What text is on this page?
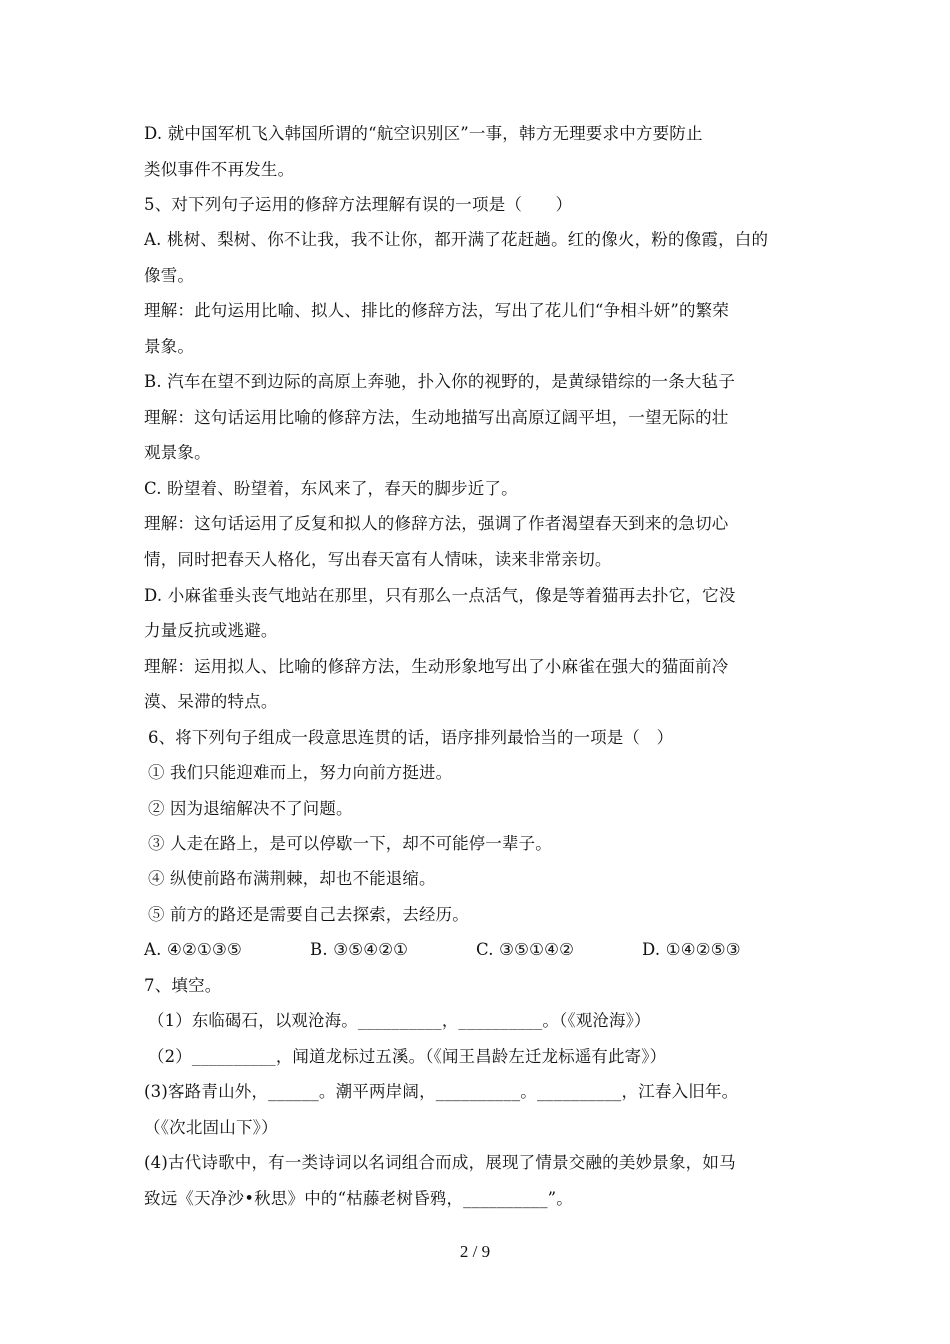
D. 就中国军机飞入韩国所谓的“航空识别区”一事，韩方无理要求中方要防止
类似事件不再发生。
5、对下列句子运用的修辞方法理解有误的一项是（　　）
A. 桃树、梨树、你不让我，我不让你，都开满了花赶趟。红的像火，粉的像霞，白的
像雪。
理解：此句运用比喻、拟人、排比的修辞方法，写出了花儿们“争相斗妍”的繁荣
景象。
B. 汽车在望不到边际的高原上奔驰，扑入你的视野的，是黄绿错综的一条大毡子
理解：这句话运用比喻的修辞方法，生动地描写出高原辽阔平坦，一望无际的壮
观景象。
C. 盼望着、盼望着，东风来了，春天的脚步近了。
理解：这句话运用了反复和拟人的修辞方法，强调了作者渴望春天到来的急切心
情，同时把春天人格化，写出春天富有人情味，读来非常亲切。
D. 小麻雀垂头丧气地站在那里，只有那么一点活气，像是等着猫再去扑它，它没
力量反抗或逃避。
理解：运用拟人、比喻的修辞方法，生动形象地写出了小麻雀在强大的猫面前冷
漠、呆滞的特点。
6、将下列句子组成一段意思连贯的话，语序排列最恰当的一项是（　）
① 我们只能迎难而上，努力向前方挺进。
② 因为退缩解决不了问题。
③ 人走在路上，是可以停歇一下，却不可能停一辈子。
④ 纵使前路布满荆棘，却也不能退缩。
⑤ 前方的路还是需要自己去探索，去经历。
A. ④②①③⑤	B. ③⑤④②①	C. ③⑤①④②	D. ①④②⑤③
7、填空。
（1）东临碣石，以观沧海。__________，__________。（《观沧海》）
（2）__________，闻道龙标过五溪。（《闻王昌龄左迁龙标遥有此寄》）
(3)客路青山外，______。潮平两岸阔，__________。__________，江春入旧年。
（《次北固山下》）
(4)古代诗歌中，有一类诗词以名词组合而成，展现了情景交融的美妙景象，如马
致远《天净沙•秋思》中的“枯藤老树昏鸦，__________”。
2 / 9
